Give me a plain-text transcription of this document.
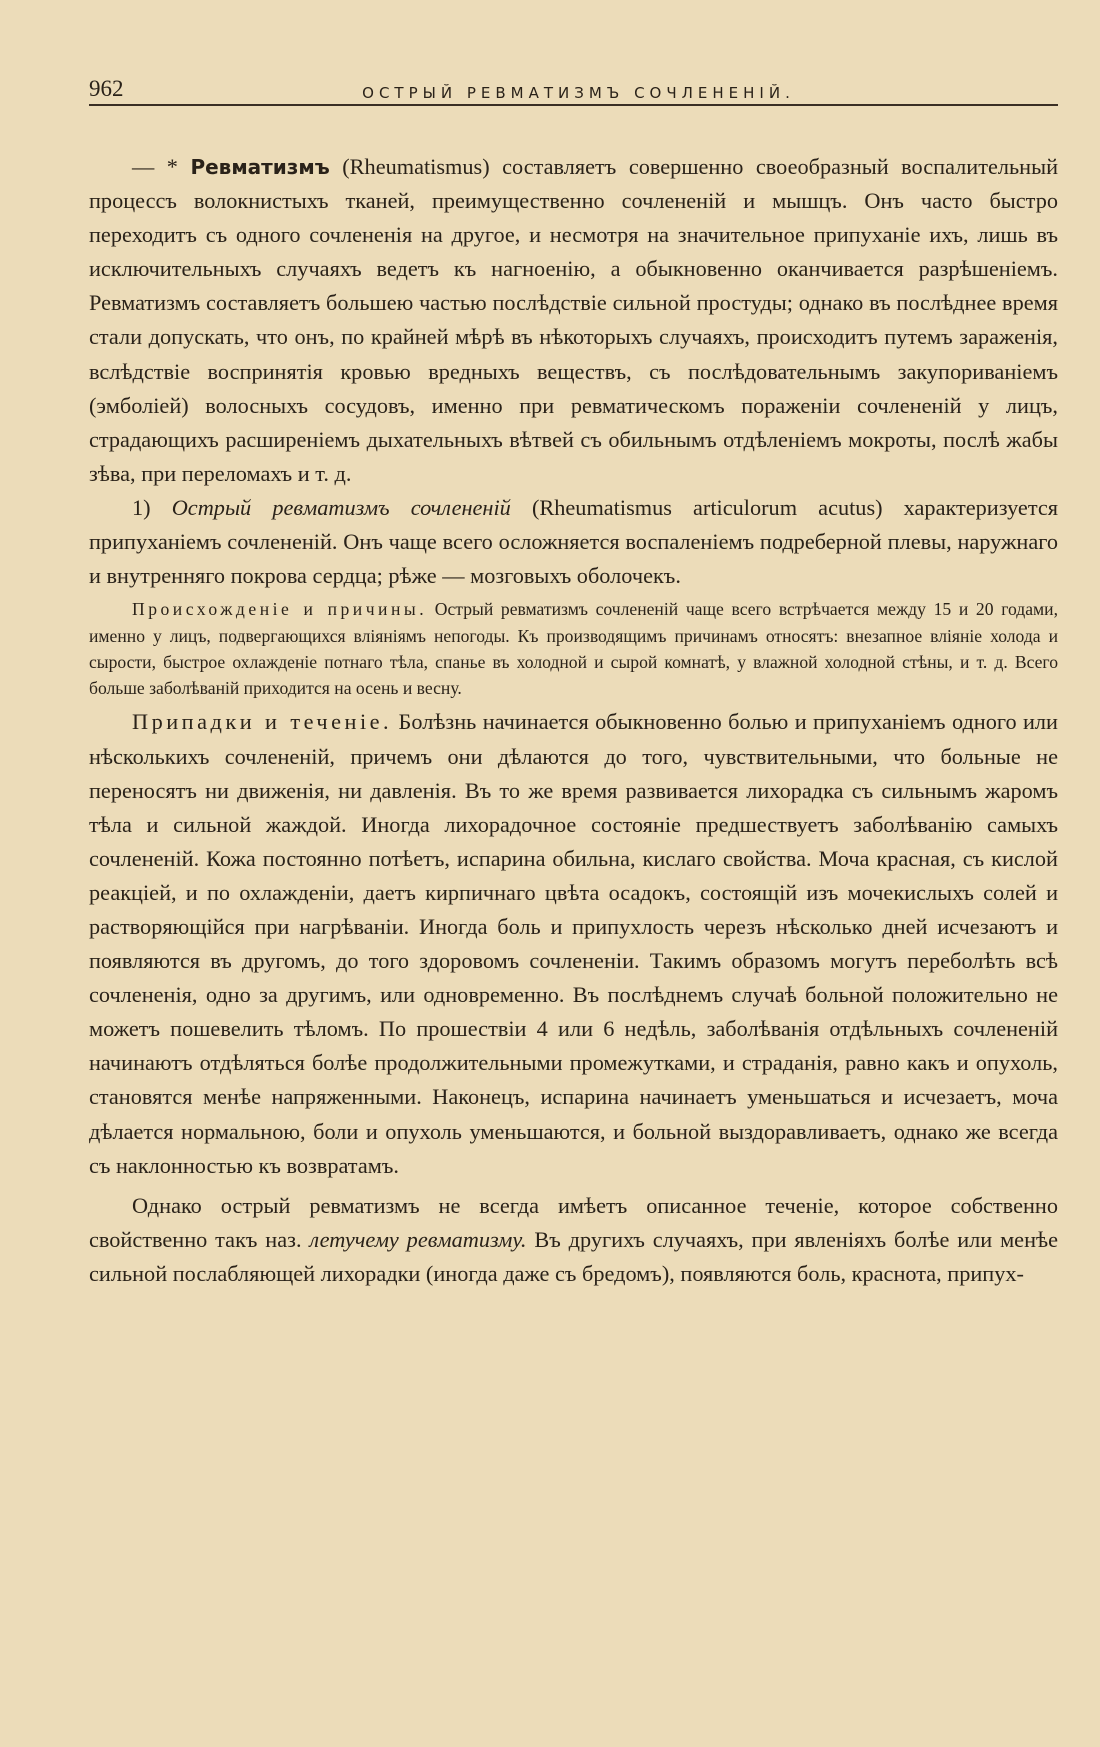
962	ОСТРЫЙ РЕВМАТИЗМЪ СОЧЛЕНЕНІЙ.

— * Ревматизмъ (Rheumatismus) составляетъ совершенно своеобразный воспалительный процессъ волокнистыхъ тканей, преимущественно сочлененій и мышцъ. Онъ часто быстро переходитъ съ одного сочлененія на другое, и несмотря на значительное припуханіе ихъ, лишь въ исключительныхъ случаяхъ ведетъ къ нагноенію, а обыкновенно оканчивается разрѣшеніемъ. Ревматизмъ составляетъ большею частью послѣдствіе сильной простуды; однако въ послѣднее время стали допускать, что онъ, по крайней мѣрѣ въ нѣкоторыхъ случаяхъ, происходитъ путемъ зараженія, вслѣдствіе воспринятія кровью вредныхъ веществъ, съ послѣдовательнымъ закупориваніемъ (эмболіей) волосныхъ сосудовъ, именно при ревматическомъ пораженіи сочлененій у лицъ, страдающихъ расширеніемъ дыхательныхъ вѣтвей съ обильнымъ отдѣленіемъ мокроты, послѣ жабы зѣва, при переломахъ и т. д.

1) Острый ревматизмъ сочлененій (Rheumatismus articulorum acutus) характеризуется припуханіемъ сочлененій. Онъ чаще всего осложняется воспаленіемъ подреберной плевы, наружнаго и внутренняго покрова сердца; рѣже — мозговыхъ оболочекъ.

Происхожденіе и причины. Острый ревматизмъ сочлененій чаще всего встрѣчается между 15 и 20 годами, именно у лицъ, подвергающихся вліяніямъ непогоды. Къ производящимъ причинамъ относятъ: внезапное вліяніе холода и сырости, быстрое охлажденіе потнаго тѣла, спанье въ холодной и сырой комнатѣ, у влажной холодной стѣны, и т. д. Всего больше заболѣваній приходится на осень и весну.

Припадки и теченіе. Болѣзнь начинается обыкновенно болью и припуханіемъ одного или нѣсколькихъ сочлененій, причемъ они дѣлаются до того, чувствительными, что больные не переносятъ ни движенія, ни давленія. Въ то же время развивается лихорадка съ сильнымъ жаромъ тѣла и сильной жаждой. Иногда лихорадочное состояніе предшествуетъ заболѣванію самыхъ сочлененій. Кожа постоянно потѣетъ, испарина обильна, кислаго свойства. Моча красная, съ кислой реакціей, и по охлажденіи, даетъ кирпичнаго цвѣта осадокъ, состоящій изъ мочекислыхъ солей и растворяющійся при нагрѣваніи. Иногда боль и припухлость черезъ нѣсколько дней исчезаютъ и появляются въ другомъ, до того здоровомъ сочлененіи. Такимъ образомъ могутъ переболѣть всѣ сочлененія, одно за другимъ, или одновременно. Въ послѣднемъ случаѣ больной положительно не можетъ пошевелить тѣломъ. По прошествіи 4 или 6 недѣль, заболѣванія отдѣльныхъ сочлененій начинаютъ отдѣляться болѣе продолжительными промежутками, и страданія, равно какъ и опухоль, становятся менѣе напряженными. Наконецъ, испарина начинаетъ уменьшаться и исчезаетъ, моча дѣлается нормальною, боли и опухоль уменьшаются, и больной выздоравливаетъ, однако же всегда съ наклонностью къ возвратамъ.

Однако острый ревматизмъ не всегда имѣетъ описанное теченіе, которое собственно свойственно такъ наз. летучему ревматизму. Въ другихъ случаяхъ, при явленіяхъ болѣе или менѣе сильной послабляющей лихорадки (иногда даже съ бредомъ), появляются боль, краснота, припух-
